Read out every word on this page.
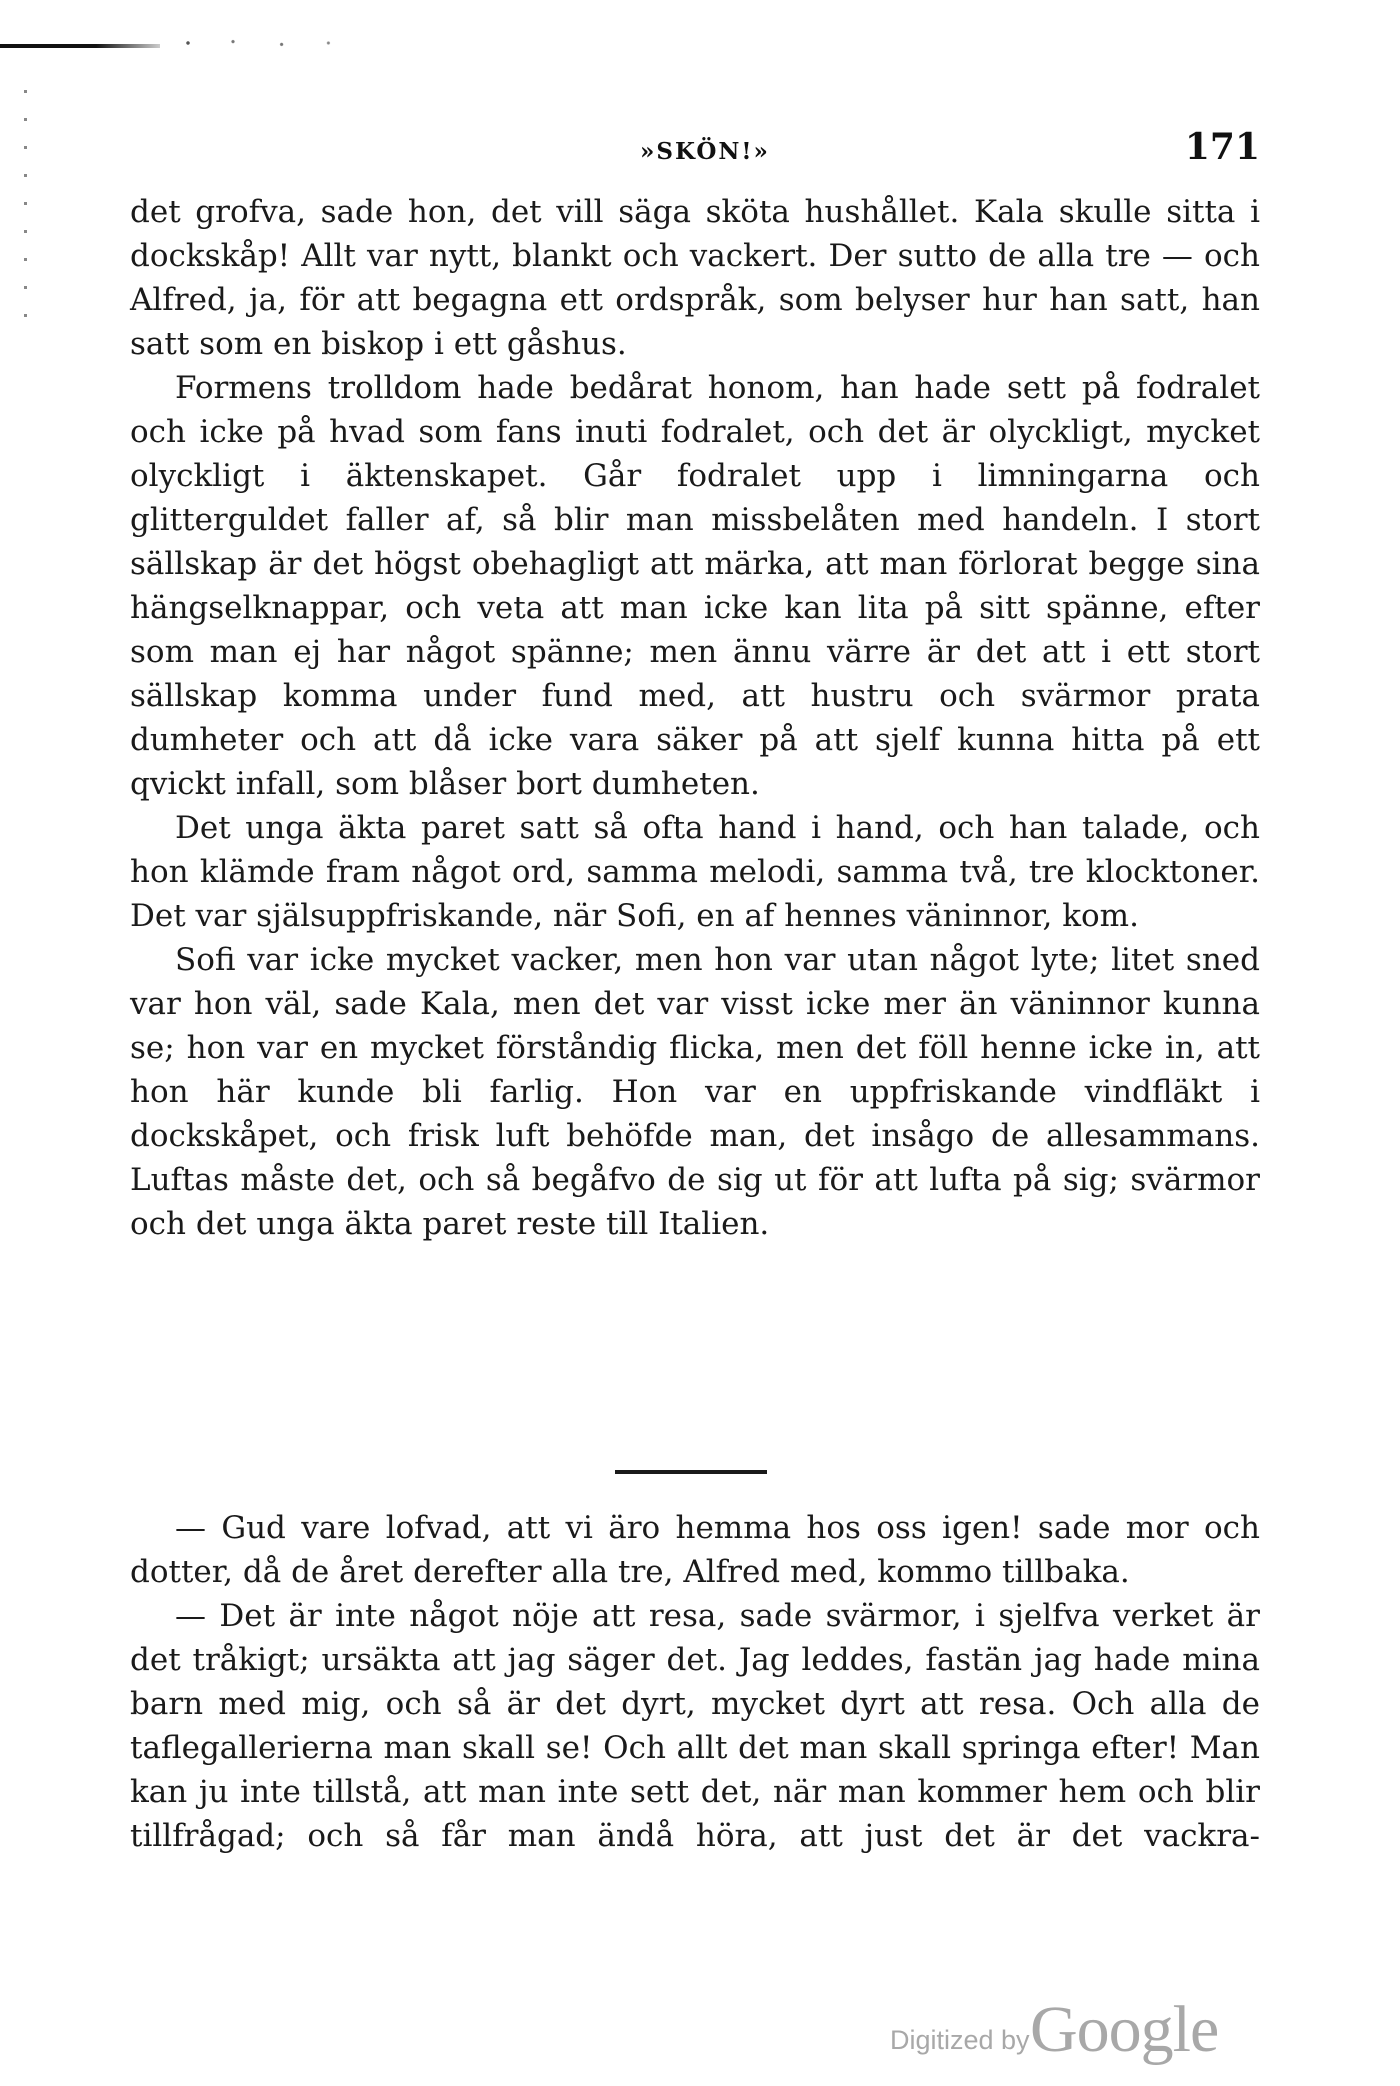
»SKÖN!»	171

det grofva, sade hon, det vill säga sköta hushållet. Kala skulle sitta i dockskåp! Allt var nytt, blankt och vackert. Der sutto de alla tre — och Alfred, ja, för att begagna ett ordspråk, som belyser hur han satt, han satt som en biskop i ett gåshus.

Formens trolldom hade bedårat honom, han hade sett på fodralet och icke på hvad som fans inuti fodralet, och det är olyckligt, mycket olyckligt i äktenskapet. Går fodralet upp i limningarna och glitterguldet faller af, så blir man missbelåten med handeln. I stort sällskap är det högst obehagligt att märka, att man förlorat begge sina hängselknappar, och veta att man icke kan lita på sitt spänne, efter som man ej har något spänne; men ännu värre är det att i ett stort sällskap komma under fund med, att hustru och svärmor prata dumheter och att då icke vara säker på att sjelf kunna hitta på ett qvickt infall, som blåser bort dumheten.

Det unga äkta paret satt så ofta hand i hand, och han talade, och hon klämde fram något ord, samma melodi, samma två, tre klocktoner. Det var själsuppfriskande, när Sofi, en af hennes väninnor, kom.

Sofi var icke mycket vacker, men hon var utan något lyte; litet sned var hon väl, sade Kala, men det var visst icke mer än väninnor kunna se; hon var en mycket förståndig flicka, men det föll henne icke in, att hon här kunde bli farlig. Hon var en uppfriskande vindfläkt i dockskåpet, och frisk luft behöfde man, det insågo de allesammans. Luftas måste det, och så begåfvo de sig ut för att lufta på sig; svärmor och det unga äkta paret reste till Italien.

— Gud vare lofvad, att vi äro hemma hos oss igen! sade mor och dotter, då de året derefter alla tre, Alfred med, kommo tillbaka.

— Det är inte något nöje att resa, sade svärmor, i sjelfva verket är det tråkigt; ursäkta att jag säger det. Jag leddes, fastän jag hade mina barn med mig, och så är det dyrt, mycket dyrt att resa. Och alla de taflegallerierna man skall se! Och allt det man skall springa efter! Man kan ju inte tillstå, att man inte sett det, när man kommer hem och blir tillfrågad; och så får man ändå höra, att just det är det vackra-

Digitized by Google
